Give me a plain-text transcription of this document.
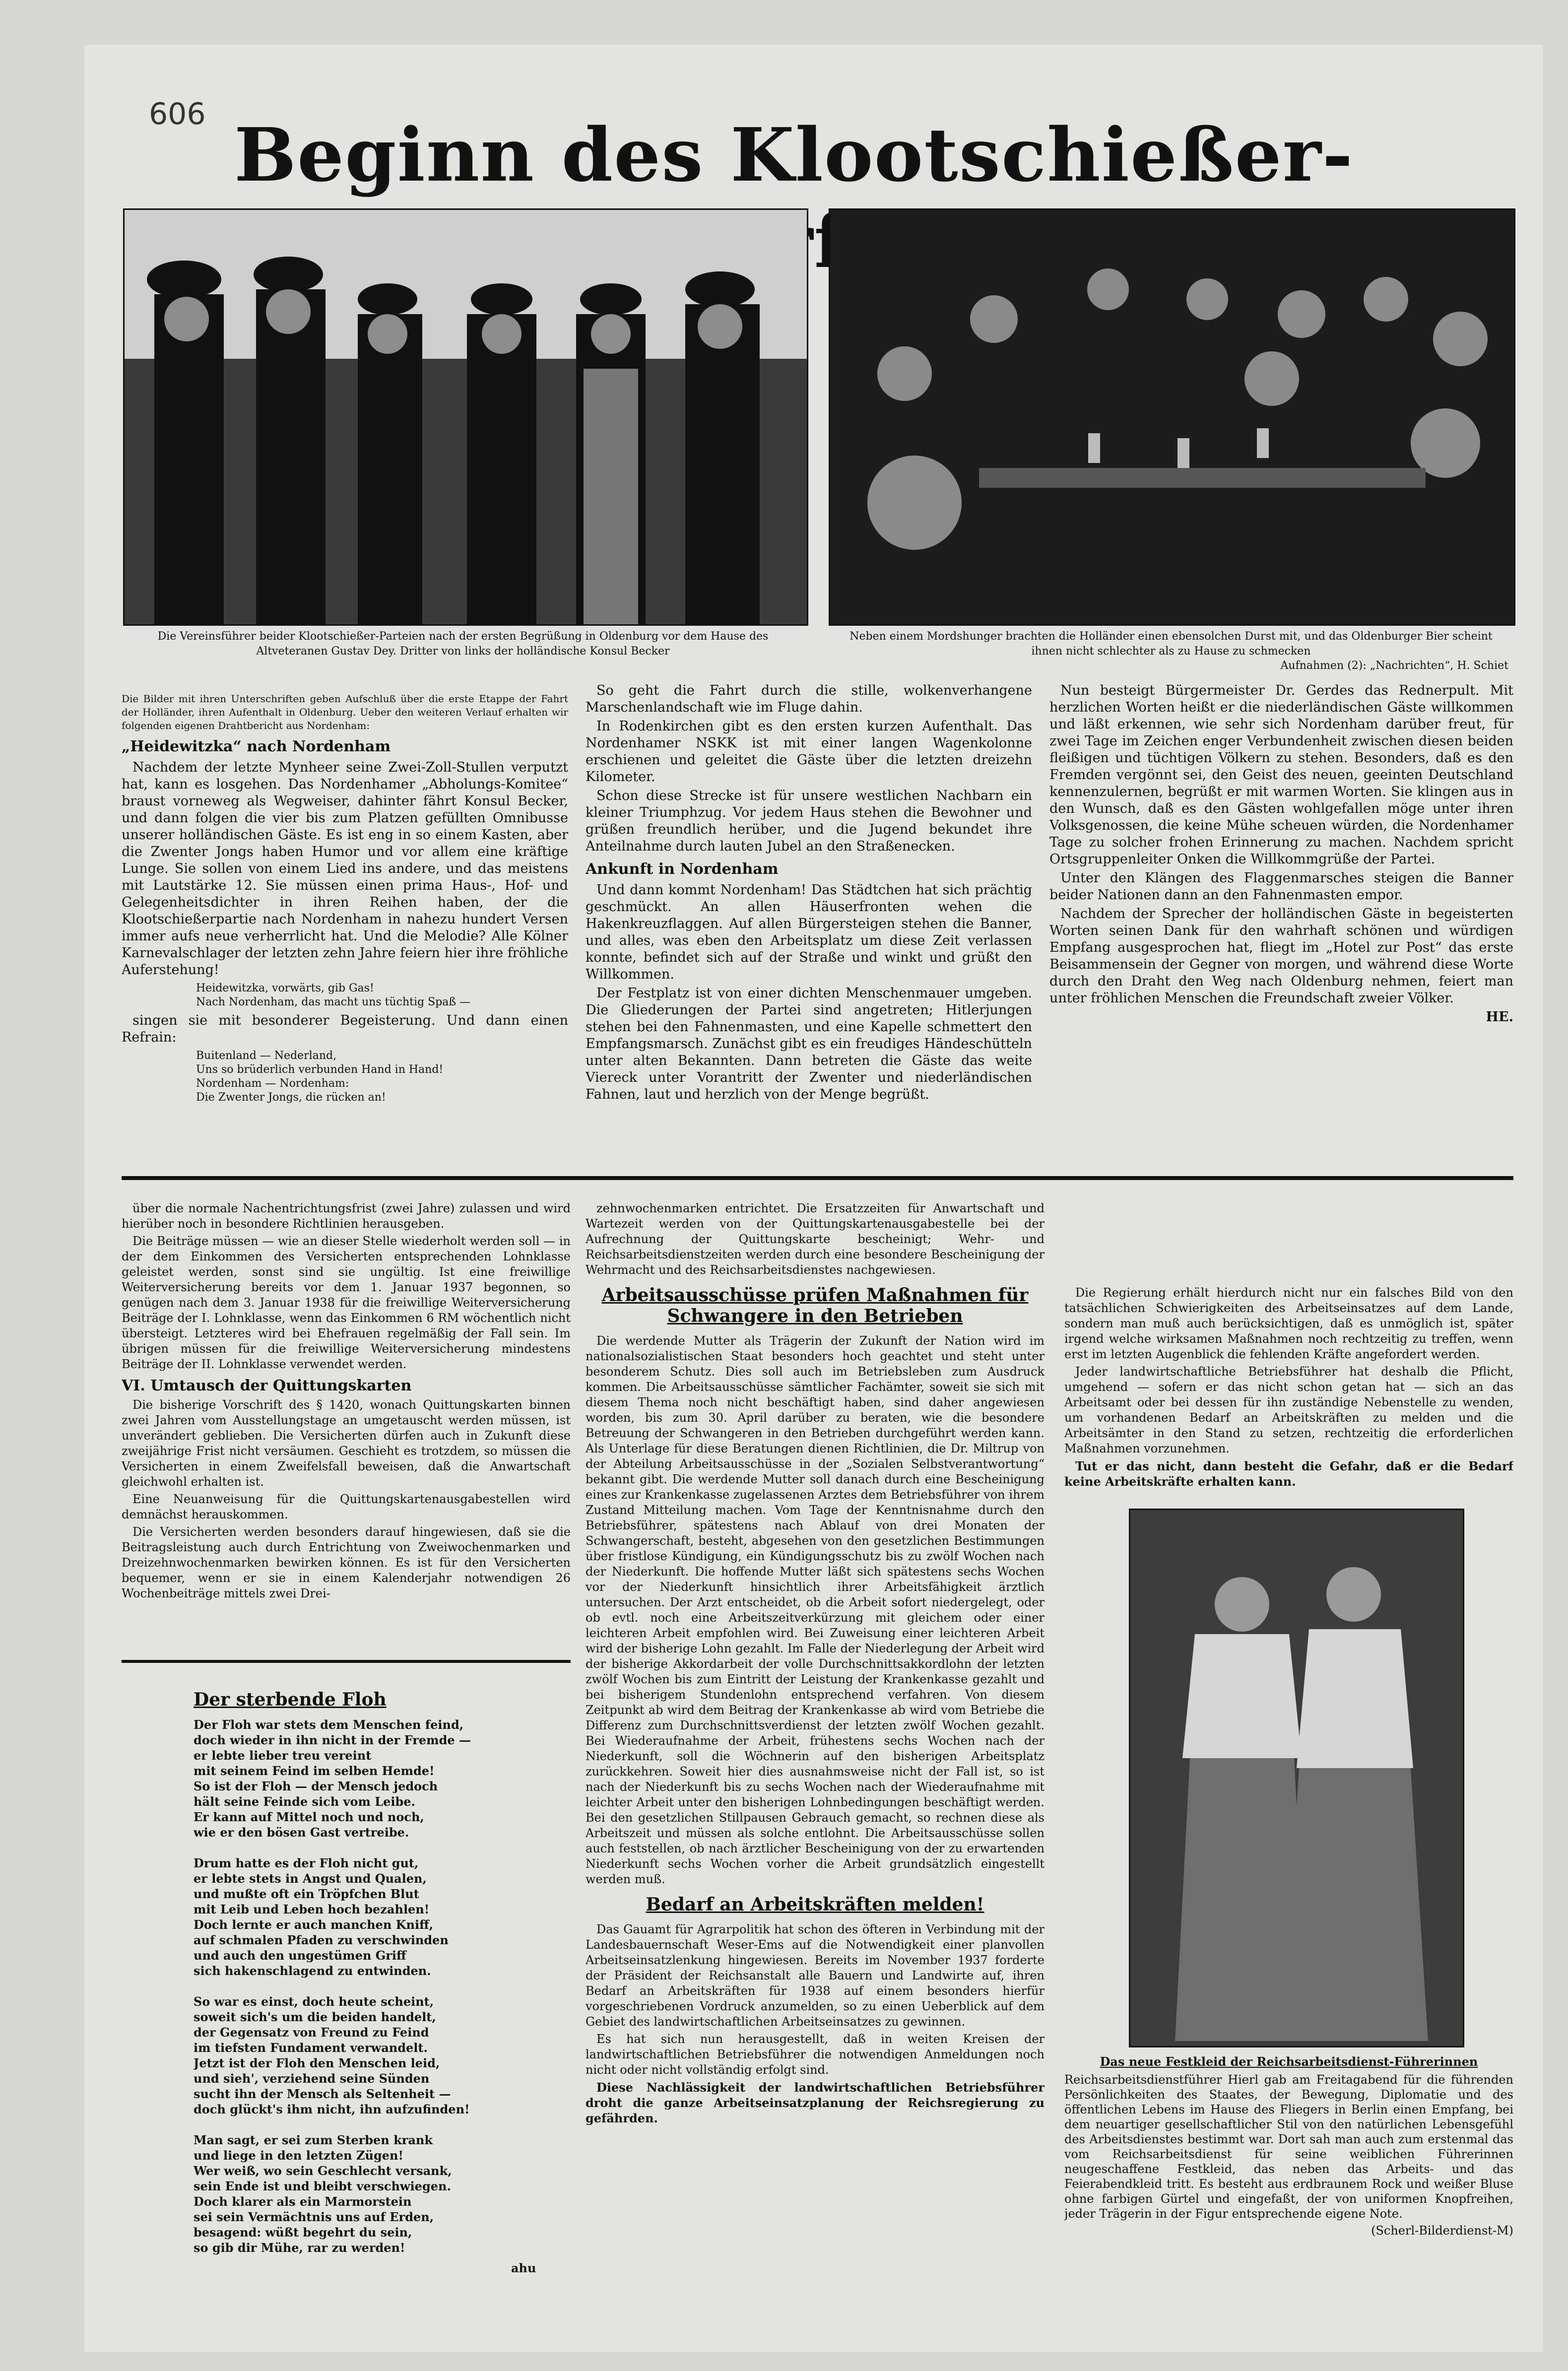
606 Beginn des Klootschießer-
Die Vereinsführer beider Klootschießer-Parteien nach der ersten Begrüßung in Oldenburg vor dem Hause des Altveteranen Gustav Dey. Dritter von links der holländische Konsul Becker
Neben einem Mordshunger brachten die Holländer einen ebensolchen Durst mit, und das Oldenburger Bier scheint ihnen nicht schlechter als zu Hause zu schmecken
Aufnahmen (2): „Nachrichten“, H. Schiet

Die Bilder mit ihren Unterschriften geben Aufschluß über die erste Etappe der Fahrt der Holländer, ihren Aufenthalt in Oldenburg. Ueber den weiteren Verlauf erhalten wir folgenden eigenen Drahtbericht aus Nordenham:

„Heidewitzka“ nach Nordenham

Nachdem der letzte Mynheer seine Zwei-Zoll-Stullen verputzt hat, kann es losgehen. Das Nordenhamer „Abholungs-Komitee“ braust vorneweg als Wegweiser, dahinter fährt Konsul Becker, und dann folgen die vier bis zum Platzen gefüllten Omnibusse unserer holländischen Gäste. Es ist eng in so einem Kasten, aber die Zwenter Jongs haben Humor und vor allem eine kräftige Lunge. Sie sollen von einem Lied ins andere, und das meistens mit Lautstärke 12. Sie müssen einen prima Haus-, Hof- und Gelegenheitsdichter in ihren Reihen haben, der die Klootschießerpartie nach Nordenham in nahezu hundert Versen immer aufs neue verherrlicht hat. Und die Melodie? Alle Kölner Karnevalschlager der letzten zehn Jahre feiern hier ihre fröhliche Auferstehung!

Heidewitzka, vorwärts, gib Gas!
Nach Nordenham, das macht uns tüchtig Spaß —

singen sie mit besonderer Begeisterung. Und dann einen Refrain:

Buitenland — Nederland,
Uns so brüderlich verbunden Hand in Hand!
Nordenham — Nordenham:
Die Zwenter Jongs, die rücken an!

So geht die Fahrt durch die stille, wolkenverhangene Marschenlandschaft wie im Fluge dahin.

In Rodenkirchen gibt es den ersten kurzen Aufenthalt. Das Nordenhamer NSKK ist mit einer langen Wagenkolonne erschienen und geleitet die Gäste über die letzten dreizehn Kilometer.

Schon diese Strecke ist für unsere westlichen Nachbarn ein kleiner Triumphzug. Vor jedem Haus stehen die Bewohner und grüßen freundlich herüber, und die Jugend bekundet ihre Anteilnahme durch lauten Jubel an den Straßenecken.

Ankunft in Nordenham

Und dann kommt Nordenham! Das Städtchen hat sich prächtig geschmückt. An allen Häuserfronten wehen die Hakenkreuzflaggen. Auf allen Bürgersteigen stehen die Banner, und alles, was eben den Arbeitsplatz um diese Zeit verlassen konnte, befindet sich auf der Straße und winkt und grüßt den Willkommen.

Der Festplatz ist von einer dichten Menschenmauer umgeben. Die Gliederungen der Partei sind angetreten; Hitlerjungen stehen bei den Fahnenmasten, und eine Kapelle schmettert den Empfangsmarsch. Zunächst gibt es ein freudiges Händeschütteln unter alten Bekannten. Dann betreten die Gäste das weite Viereck unter Vorantritt der Zwenter und niederländischen Fahnen, laut und herzlich von der Menge begrüßt.

Nun besteigt Bürgermeister Dr. Gerdes das Rednerpult. Mit herzlichen Worten heißt er die niederländischen Gäste willkommen und läßt erkennen, wie sehr sich Nordenham darüber freut, für zwei Tage im Zeichen enger Verbundenheit zwischen diesen beiden fleißigen und tüchtigen Völkern zu stehen. Besonders, daß es den Fremden vergönnt sei, den Geist des neuen, geeinten Deutschland kennenzulernen, begrüßt er mit warmen Worten. Sie klingen aus in den Wunsch, daß es den Gästen wohlgefallen möge unter ihren Volksgenossen, die keine Mühe scheuen würden, die Nordenhamer Tage zu solcher frohen Erinnerung zu machen. Nachdem spricht Ortsgruppenleiter Onken die Willkommgrüße der Partei.

Unter den Klängen des Flaggenmarsches steigen die Banner beider Nationen dann an den Fahnenmasten empor.

Nachdem der Sprecher der holländischen Gäste in begeisterten Worten seinen Dank für den wahrhaft schönen und würdigen Empfang ausgesprochen hat, fliegt im „Hotel zur Post“ das erste Beisammensein der Gegner von morgen, und während diese Worte durch den Draht den Weg nach Oldenburg nehmen, feiert man unter fröhlichen Menschen die Freundschaft zweier Völker.

HE.

über die normale Nachentrichtungsfrist (zwei Jahre) zulassen und wird hierüber noch in besondere Richtlinien herausgeben.

Die Beiträge müssen — wie an dieser Stelle wiederholt werden soll — in der dem Einkommen des Versicherten entsprechenden Lohnklasse geleistet werden, sonst sind sie ungültig. Ist eine freiwillige Weiterversicherung bereits vor dem 1. Januar 1937 begonnen, so genügen nach dem 3. Januar 1938 für die freiwillige Weiterversicherung Beiträge der I. Lohnklasse, wenn das Einkommen 6 RM wöchentlich nicht übersteigt. Letzteres wird bei Ehefrauen regelmäßig der Fall sein. Im übrigen müssen für die freiwillige Weiterversicherung mindestens Beiträge der II. Lohnklasse verwendet werden.

VI. Umtausch der Quittungskarten

Die bisherige Vorschrift des § 1420, wonach Quittungskarten binnen zwei Jahren vom Ausstellungstage an umgetauscht werden müssen, ist unverändert geblieben. Die Versicherten dürfen auch in Zukunft diese zweijährige Frist nicht versäumen. Geschieht es trotzdem, so müssen die Versicherten in einem Zweifelsfall beweisen, daß die Anwartschaft gleichwohl erhalten ist.

Eine Neuanweisung für die Quittungskartenausgabestellen wird demnächst herauskommen.

Die Versicherten werden besonders darauf hingewiesen, daß sie die Beitragsleistung auch durch Entrichtung von Zweiwochenmarken und Dreizehnwochenmarken bewirken können. Es ist für den Versicherten bequemer, wenn er sie in einem Kalenderjahr notwendigen 26 Wochenbeiträge mittels zwei Drei-

Der sterbende Floh
Der Floh war stets dem Menschen feind,
doch wieder in ihn nicht in der Fremde —
er lebte lieber treu vereint
mit seinem Feind im selben Hemde!
So ist der Floh — der Mensch jedoch
hält seine Feinde sich vom Leibe.
Er kann auf Mittel noch und noch,
wie er den bösen Gast vertreibe.

Drum hatte es der Floh nicht gut,
er lebte stets in Angst und Qualen,
und mußte oft ein Tröpfchen Blut
mit Leib und Leben hoch bezahlen!
Doch lernte er auch manchen Kniff,
auf schmalen Pfaden zu verschwinden
und auch den ungestümen Griff
sich hakenschlagend zu entwinden.

So war es einst, doch heute scheint,
soweit sich's um die beiden handelt,
der Gegensatz von Freund zu Feind
im tiefsten Fundament verwandelt.
Jetzt ist der Floh den Menschen leid,
und sieh', verziehend seine Sünden
sucht ihn der Mensch als Seltenheit —
doch glückt's ihm nicht, ihn aufzufinden!

Man sagt, er sei zum Sterben krank
und liege in den letzten Zügen!
Wer weiß, wo sein Geschlecht versank,
sein Ende ist und bleibt verschwiegen.
Doch klarer als ein Marmorstein
sei sein Vermächtnis uns auf Erden,
besagend: wüßt begehrt du sein,
so gib dir Mühe, rar zu werden!
ahu

zehnwochenmarken entrichtet. Die Ersatzzeiten für Anwartschaft und Wartezeit werden von der Quittungskartenausgabestelle bei der Aufrechnung der Quittungskarte bescheinigt; Wehr- und Reichsarbeitsdienstzeiten werden durch eine besondere Bescheinigung der Wehrmacht und des Reichsarbeitsdienstes nachgewiesen.

Arbeitsausschüsse prüfen Maßnahmen für Schwangere in den Betrieben

Die werdende Mutter als Trägerin der Zukunft der Nation wird im nationalsozialistischen Staat besonders hoch geachtet und steht unter besonderem Schutz. Dies soll auch im Betriebsleben zum Ausdruck kommen. Die Arbeitsausschüsse sämtlicher Fachämter, soweit sie sich mit diesem Thema noch nicht beschäftigt haben, sind daher angewiesen worden, bis zum 30. April darüber zu beraten, wie die besondere Betreuung der Schwangeren in den Betrieben durchgeführt werden kann. Als Unterlage für diese Beratungen dienen Richtlinien, die Dr. Miltrup von der Abteilung Arbeitsausschüsse in der „Sozialen Selbstverantwortung“ bekannt gibt. Die werdende Mutter soll danach durch eine Bescheinigung eines zur Krankenkasse zugelassenen Arztes dem Betriebsführer von ihrem Zustand Mitteilung machen. Vom Tage der Kenntnisnahme durch den Betriebsführer, spätestens nach Ablauf von drei Monaten der Schwangerschaft, besteht, abgesehen von den gesetzlichen Bestimmungen über fristlose Kündigung, ein Kündigungsschutz bis zu zwölf Wochen nach der Niederkunft. Die hoffende Mutter läßt sich spätestens sechs Wochen vor der Niederkunft hinsichtlich ihrer Arbeitsfähigkeit ärztlich untersuchen. Der Arzt entscheidet, ob die Arbeit sofort niedergelegt, oder ob evtl. noch eine Arbeitszeitverkürzung mit gleichem oder einer leichteren Arbeit empfohlen wird. Bei Zuweisung einer leichteren Arbeit wird der bisherige Lohn gezahlt. Im Falle der Niederlegung der Arbeit wird der bisherige Akkordarbeit der volle Durchschnittsakkordlohn der letzten zwölf Wochen bis zum Eintritt der Leistung der Krankenkasse gezahlt und bei bisherigem Stundenlohn entsprechend verfahren. Von diesem Zeitpunkt ab wird dem Beitrag der Krankenkasse ab wird vom Betriebe die Differenz zum Durchschnittsverdienst der letzten zwölf Wochen gezahlt. Bei Wiederaufnahme der Arbeit, frühestens sechs Wochen nach der Niederkunft, soll die Wöchnerin auf den bisherigen Arbeitsplatz zurückkehren. Soweit hier dies ausnahmsweise nicht der Fall ist, so ist nach der Niederkunft bis zu sechs Wochen nach der Wiederaufnahme mit leichter Arbeit unter den bisherigen Lohnbedingungen beschäftigt werden. Bei den gesetzlichen Stillpausen Gebrauch gemacht, so rechnen diese als Arbeitszeit und müssen als solche entlohnt. Die Arbeitsausschüsse sollen auch feststellen, ob nach ärztlicher Bescheinigung von der zu erwartenden Niederkunft sechs Wochen vorher die Arbeit grundsätzlich eingestellt werden muß.

Bedarf an Arbeitskräften melden!

Das Gauamt für Agrarpolitik hat schon des öfteren in Verbindung mit der Landesbauernschaft Weser-Ems auf die Notwendigkeit einer planvollen Arbeitseinsatzlenkung hingewiesen. Bereits im November 1937 forderte der Präsident der Reichsanstalt alle Bauern und Landwirte auf, ihren Bedarf an Arbeitskräften für 1938 auf einem besonders hierfür vorgeschriebenen Vordruck anzumelden, so zu einen Ueberblick auf dem Gebiet des landwirtschaftlichen Arbeitseinsatzes zu gewinnen.

Es hat sich nun herausgestellt, daß in weiten Kreisen der landwirtschaftlichen Betriebsführer die notwendigen Anmeldungen noch nicht oder nicht vollständig erfolgt sind.

Diese Nachlässigkeit der landwirtschaftlichen Betriebsführer droht die ganze Arbeitseinsatzplanung der Reichsregierung zu gefährden.

Die Regierung erhält hierdurch nicht nur ein falsches Bild von den tatsächlichen Schwierigkeiten des Arbeitseinsatzes auf dem Lande, sondern man muß auch berücksichtigen, daß es unmöglich ist, später irgend welche wirksamen Maßnahmen noch rechtzeitig zu treffen, wenn erst im letzten Augenblick die fehlenden Kräfte angefordert werden.

Jeder landwirtschaftliche Betriebsführer hat deshalb die Pflicht, umgehend — sofern er das nicht schon getan hat — sich an das Arbeitsamt oder bei dessen für ihn zuständige Nebenstelle zu wenden, um vorhandenen Bedarf an Arbeitskräften zu melden und die Arbeitsämter in den Stand zu setzen, rechtzeitig die erforderlichen Maßnahmen vorzunehmen.

Tut er das nicht, dann besteht die Gefahr, daß er die Bedarf keine Arbeitskräfte erhalten kann.

Das neue Festkleid der Reichsarbeitsdienst-Führerinnen

Reichsarbeitsdienstführer Hierl gab am Freitagabend für die führenden Persönlichkeiten des Staates, der Bewegung, Diplomatie und des öffentlichen Lebens im Hause des Fliegers in Berlin einen Empfang, bei dem neuartiger gesellschaftlicher Stil von den natürlichen Lebensgefühl des Arbeitsdienstes bestimmt war. Dort sah man auch zum erstenmal das vom Reichsarbeitsdienst für seine weiblichen Führerinnen neugeschaffene Festkleid, das neben das Arbeits- und das Feierabendkleid tritt. Es besteht aus erdbraunem Rock und weißer Bluse ohne farbigen Gürtel und eingefaßt, der von uniformen Knopfreihen, jeder Trägerin in der Figur entsprechende eigene Note.

(Scherl-Bilderdienst-M)
